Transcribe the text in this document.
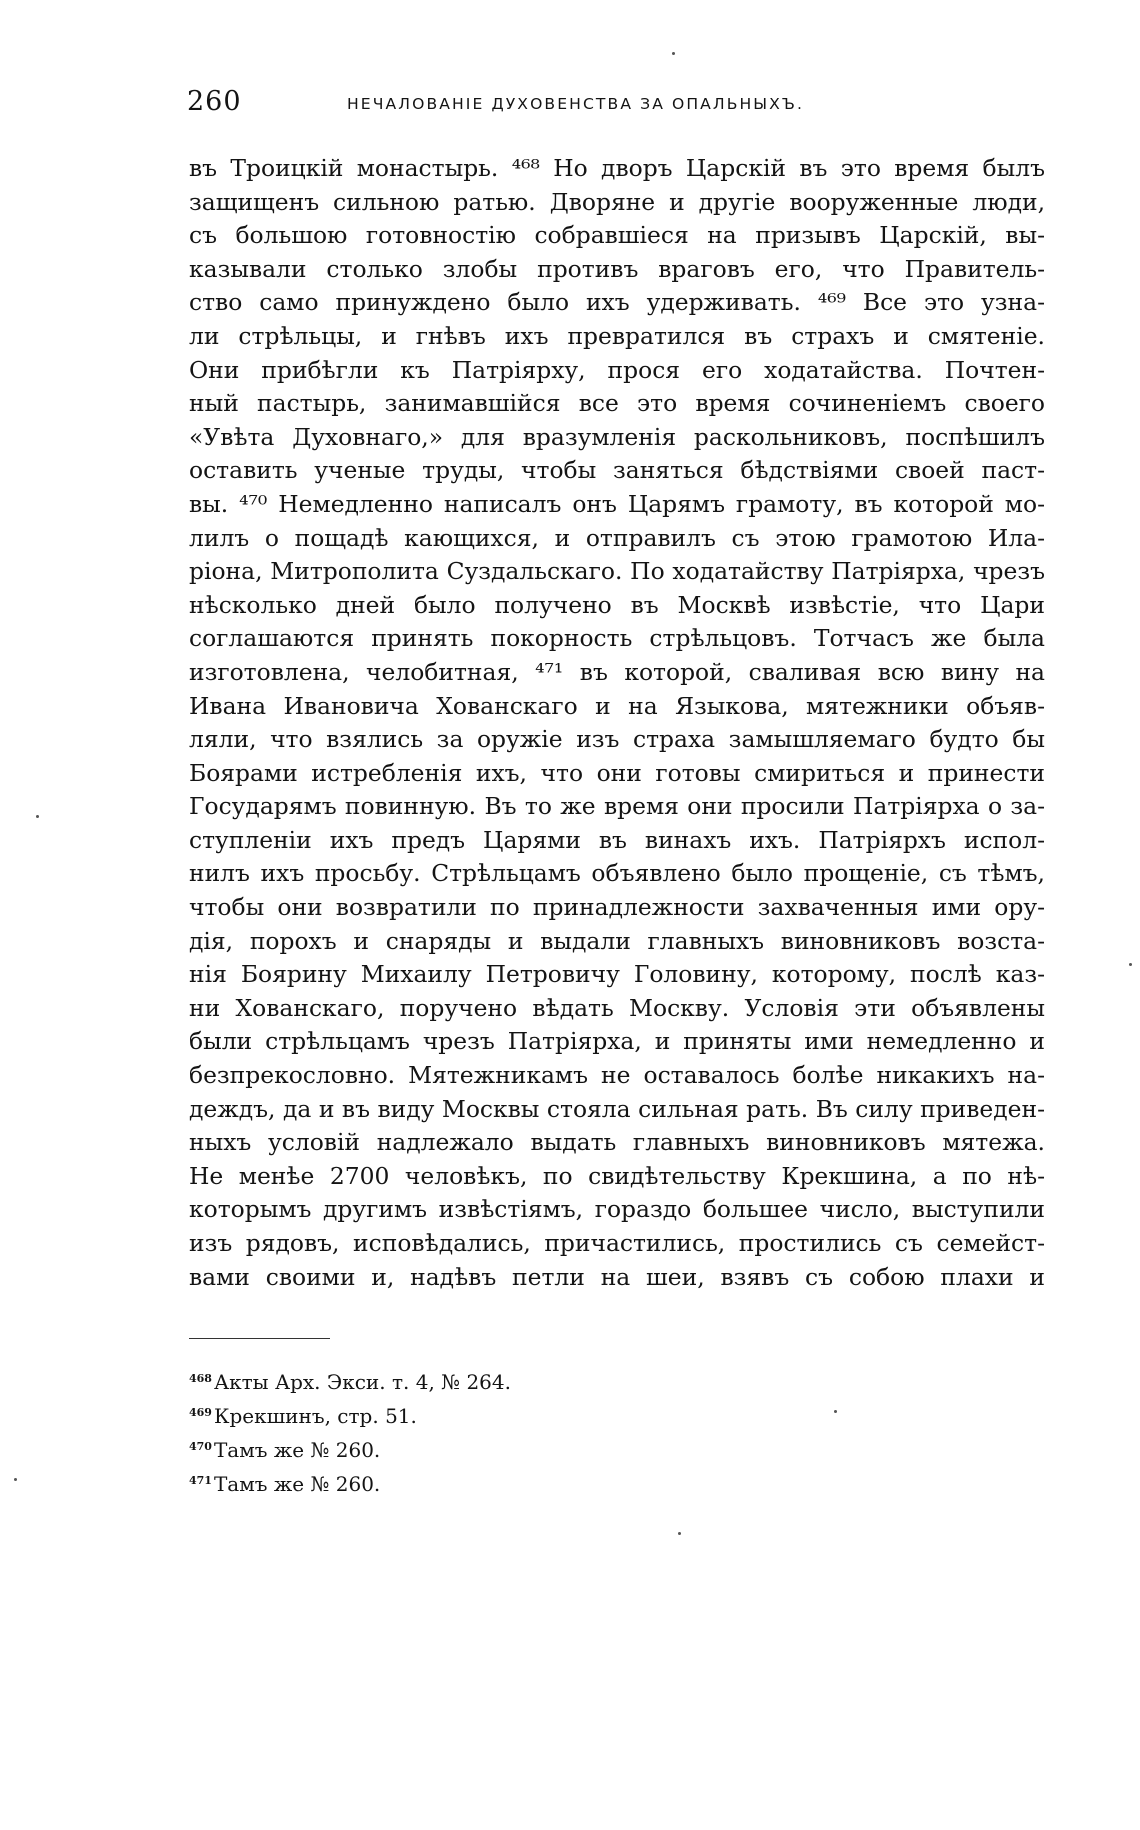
260	НЕЧАЛОВАНІЕ ДУХОВЕНСТВА ЗА ОПАЛЬНЫХЪ.
въ Троицкій монастырь. ⁴⁶⁸ Но дворъ Царскій въ это время былъ
защищенъ сильною ратью. Дворяне и другіе вооруженные люди,
съ большою готовностію собравшіеся на призывъ Царскій, вы-
казывали столько злобы противъ враговъ его, что Правитель-
ство само принуждено было ихъ удерживать. ⁴⁶⁹ Все это узна-
ли стрѣльцы, и гнѣвъ ихъ превратился въ страхъ и смятеніе.
Они прибѣгли къ Патріярху, прося его ходатайства. Почтен-
ный пастырь, занимавшійся все это время сочиненіемъ своего
«Увѣта Духовнаго,» для вразумленія раскольниковъ, поспѣшилъ
оставить ученые труды, чтобы заняться бѣдствіями своей паст-
вы. ⁴⁷⁰ Немедленно написалъ онъ Царямъ грамоту, въ которой мо-
лилъ о пощадѣ кающихся, и отправилъ съ этою грамотою Ила-
ріона, Митрополита Суздальскаго. По ходатайству Патріярха, чрезъ
нѣсколько дней было получено въ Москвѣ извѣстіе, что Цари
соглашаются принять покорность стрѣльцовъ. Тотчасъ же была
изготовлена, челобитная, ⁴⁷¹ въ которой, сваливая всю вину на
Ивана Ивановича Хованскаго и на Языкова, мятежники объяв-
ляли, что взялись за оружіе изъ страха замышляемаго будто бы
Боярами истребленія ихъ, что они готовы смириться и принести
Государямъ повинную. Въ то же время они просили Патріярха о за-
ступленіи ихъ предъ Царями въ винахъ ихъ. Патріярхъ испол-
нилъ ихъ просьбу. Стрѣльцамъ объявлено было прощеніе, съ тѣмъ,
чтобы они возвратили по принадлежности захваченныя ими ору-
дія, порохъ и снаряды и выдали главныхъ виновниковъ возста-
нія Боярину Михаилу Петровичу Головину, которому, послѣ каз-
ни Хованскаго, поручено вѣдать Москву. Условія эти объявлены
были стрѣльцамъ чрезъ Патріярха, и приняты ими немедленно и
безпрекословно. Мятежникамъ не оставалось болѣе никакихъ на-
деждъ, да и въ виду Москвы стояла сильная рать. Въ силу приведен-
ныхъ условій надлежало выдать главныхъ виновниковъ мятежа.
Не менѣе 2700 человѣкъ, по свидѣтельству Крекшина, а по нѣ-
которымъ другимъ извѣстіямъ, гораздо большее число, выступили
изъ рядовъ, исповѣдались, причастились, простились съ семейст-
вами своими и, надѣвъ петли на шеи, взявъ съ собою плахи и
$^{468}$ Акты Арх. Экси. т. 4, № 264.
$^{469}$ Крекшинъ, стр. 51.
$^{470}$ Тамъ же № 260.
$^{471}$ Тамъ же № 260.
